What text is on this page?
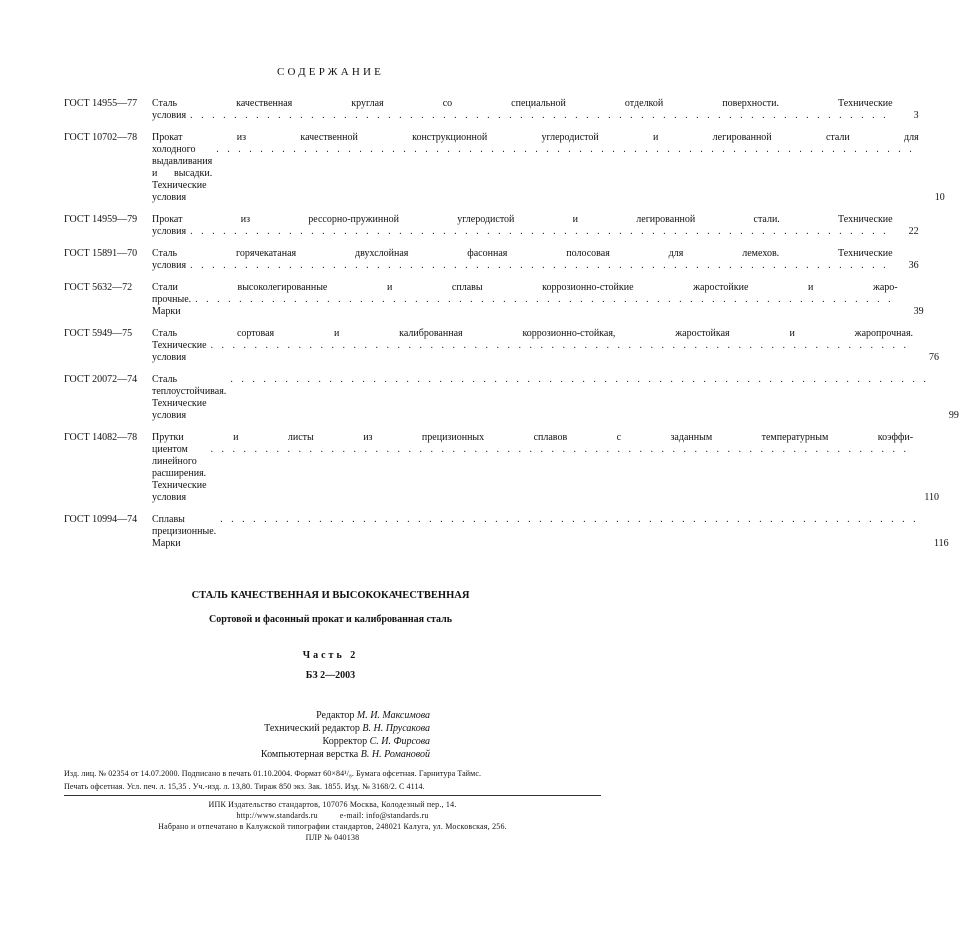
СОДЕРЖАНИЕ
ГОСТ 14955—77	Сталь качественная круглая со специальной отделкой поверхности. Технические
условия . . .	3
ГОСТ 10702—78	Прокат из качественной конструкционной углеродистой и легированной стали для
холодного выдавливания и высадки. Технические условия . . .	10
ГОСТ 14959—79	Прокат из рессорно-пружинной углеродистой и легированной стали. Технические
условия . . .	22
ГОСТ 15891—70	Сталь горячекатаная двухслойная фасонная полосовая для лемехов. Технические
условия . . .	36
ГОСТ 5632—72	Стали высоколегированные и сплавы коррозионно-стойкие жаростойкие и жаро-
прочные. Марки . . .	39
ГОСТ 5949—75	Сталь сортовая и калиброванная коррозионно-стойкая, жаростойкая и жаропрочная.
Технические условия . . .	76
ГОСТ 20072—74	Сталь теплоустойчивая. Технические условия . . .	99
ГОСТ 14082—78	Прутки и листы из прецизионных сплавов с заданным температурным коэффи-
циентом линейного расширения. Технические условия . . .	110
ГОСТ 10994—74	Сплавы прецизионные. Марки . . .	116
СТАЛЬ КАЧЕСТВЕННАЯ И ВЫСОКОКАЧЕСТВЕННАЯ
Сортовой и фасонный прокат и калиброванная сталь
Часть 2
БЗ 2—2003
Редактор М. И. Максимова
Технический редактор В. Н. Прусакова
Корректор С. И. Фирсова
Компьютерная верстка В. Н. Романовой
Изд. лиц. № 02354 от 14.07.2000. Подписано в печать 01.10.2004. Формат 60×84¹/₈. Бумага офсетная. Гарнитура Таймс.
Печать офсетная. Усл. печ. л. 15,35 . Уч.-изд. л. 13,80. Тираж 850 экз. Зак. 1855. Изд. № 3168/2. С 4114.
ИПК Издательство стандартов, 107076 Москва, Колодезный пер., 14.
http://www.standards.ru          e-mail: info@standards.ru
Набрано и отпечатано в Калужской типографии стандартов, 248021 Калуга, ул. Московская, 256.
ПЛР № 040138
